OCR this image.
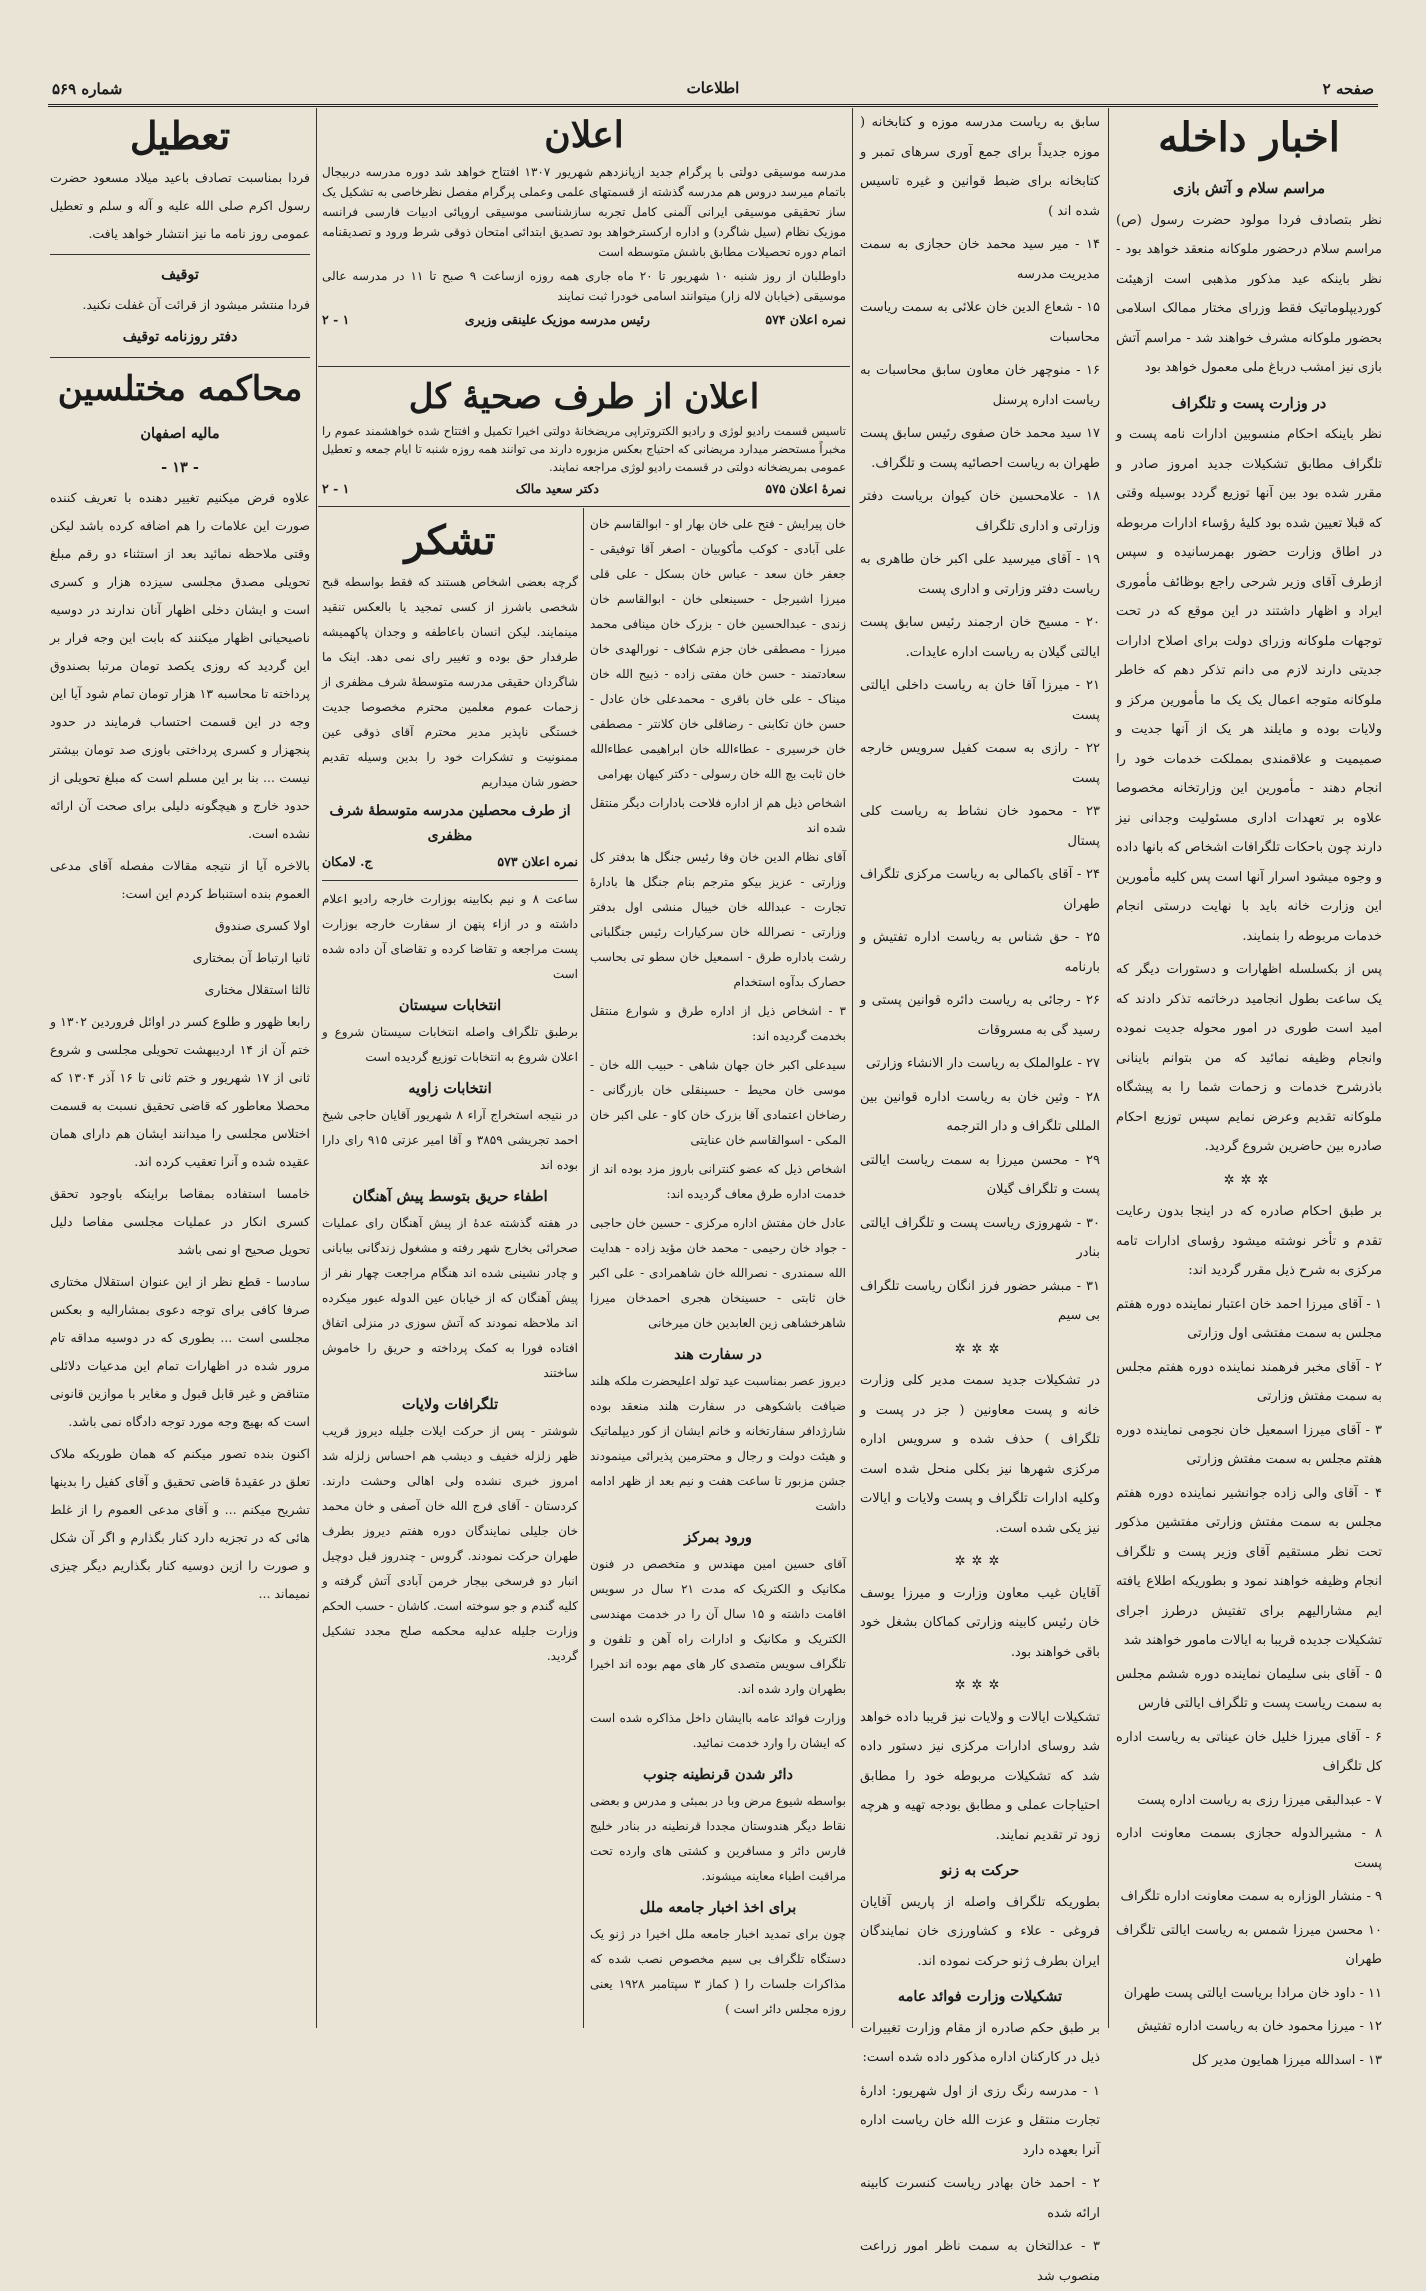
صفحه ۲
اطلاعات
شماره ۵۶۹
اخبار داخله
مراسم سلام و آتش بازی

نظر بتصادف فردا مولود حضرت رسول (ص) مراسم سلام درحضور ملوکانه منعقد خواهد بود - نظر باینکه عید مذکور مذهبی است ازهیئت کوردیپلوماتیک فقط وزرای مختار ممالک اسلامی بحضور ملوکانه مشرف خواهند شد - مراسم آتش بازی نیز امشب درباغ ملی معمول خواهد بود

در وزارت پست و تلگراف

نظر باینکه احکام منسوبین ادارات نامه پست و تلگراف مطابق تشکیلات جدید امروز صادر و مقرر شده بود بین آنها توزیع گردد بوسیله وقتی که قبلا تعیین شده بود کلیهٔ رؤساء ادارات مربوطه در اطاق وزارت حضور بهمرسانیده و سپس ازطرف آقای وزیر شرحی راجع بوظائف مأموری ایراد و اظهار داشتند در این موقع که در تحت توجهات ملوکانه وزرای دولت برای اصلاح ادارات جدیتی دارند لازم می دانم تذکر دهم که خاطر ملوکانه متوجه اعمال یک یک ما مأمورین مرکز و ولایات بوده و مایلند هر یک از آنها جدیت و صمیمیت و علاقمندی بمملکت خدمات خود را انجام دهند - مأمورین این وزارتخانه مخصوصا علاوه بر تعهدات اداری مسئولیت وجدانی نیز دارند چون باحکات تلگرافات اشخاص که بانها داده و وجوه میشود اسرار آنها است پس کلیه مأمورین این وزارت خانه باید با نهایت درستی انجام خدمات مربوطه را بنمایند.

پس از بکسلسله اظهارات و دستورات دیگر که یک ساعت بطول انجامید درخاتمه تذکر دادند که امید است طوری در امور محوله جدیت نموده وانجام وظیفه نمائید که من بتوانم باینانی باذرشرح خدمات و زحمات شما را به پیشگاه ملوکانه تقدیم وعرض نمایم سپس توزیع احکام صادره بین حاضرین شروع گردید.

✲✲✲

بر طبق احکام صادره که در اینجا بدون رعایت تقدم و تأخر نوشته میشود رؤسای ادارات تامه مرکزی به شرح ذیل مقرر گردید اند:

۱ - آقای میرزا احمد خان اعتبار نماینده دوره هفتم مجلس به سمت مفتشی اول وزارتی

۲ - آقای مخبر فرهمند نماینده دوره هفتم مجلس به سمت مفتش وزارتی

۳ - آقای میرزا اسمعیل خان نجومی نماینده دوره هفتم مجلس به سمت مفتش وزارتی

۴ - آقای والی زاده جوانشیر نماینده دوره هفتم مجلس به سمت مفتش وزارتی مفتشین مذکور تحت نظر مستقیم آقای وزیر پست و تلگراف انجام وظیفه خواهند نمود و بطوریکه اطلاع یافته ایم مشارالیهم برای تفتیش درطرز اجرای تشکیلات جدیده قریبا به ایالات مامور خواهند شد

۵ - آقای بنی سلیمان نماینده دوره ششم مجلس به سمت ریاست پست و تلگراف ایالتی فارس

۶ - آقای میرزا خلیل خان عیناتی به ریاست اداره کل تلگراف

۷ - عبدالبقی میرزا رزی به ریاست اداره پست

۸ - مشیرالدوله حجازی بسمت معاونت اداره پست

۹ - منشار الوزاره به سمت معاونت اداره تلگراف

۱۰ محسن میرزا شمس به ریاست ایالتی تلگراف طهران

۱۱ - داود خان مرادا بریاست ایالتی پست طهران

۱۲ - میرزا محمود خان به ریاست اداره تفتیش

۱۳ - اسدالله میرزا همایون مدیر کل

سابق به ریاست مدرسه موزه و کتابخانه ( موزه جدیداً برای جمع آوری سرهای تمبر و کتابخانه برای ضبط قوانین و غیره تاسیس شده اند )

۱۴ - میر سید محمد خان حجازی به سمت مدیریت مدرسه

۱۵ - شعاع الدین خان علائی به سمت ریاست محاسبات

۱۶ - منوچهر خان معاون سابق محاسبات به ریاست اداره پرسنل

۱۷ سید محمد خان صفوی رئیس سابق پست طهران به ریاست احصائیه پست و تلگراف.

۱۸ - علامحسین خان کیوان بریاست دفتر وزارتی و اداری تلگراف

۱۹ - آقای میرسید علی اکبر خان طاهری به ریاست دفتر وزارتی و اداری پست

۲۰ - مسیح خان ارجمند رئیس سابق پست ایالتی گیلان به ریاست اداره عایدات.

۲۱ - میرزا آقا خان به ریاست داخلی ایالتی پست

۲۲ - رازی به سمت کفیل سرویس خارجه پست

۲۳ - محمود خان نشاط به ریاست کلی پستال

۲۴ - آقای باکمالی به ریاست مرکزی تلگراف طهران

۲۵ - حق شناس به ریاست اداره تفتیش و بارنامه

۲۶ - رجائی به ریاست دائره قوانین پستی و رسید گی به مسروقات

۲۷ - علوالملک به ریاست دار الانشاء وزارتی

۲۸ - وثین خان به ریاست اداره قوانین بین المللی تلگراف و دار الترجمه

۲۹ - محسن میرزا به سمت ریاست ایالتی پست و تلگراف گیلان

۳۰ - شهروزی ریاست پست و تلگراف ایالتی بنادر

۳۱ - مبشر حضور فرز انگان ریاست تلگراف بی سیم

✲✲✲

در تشکیلات جدید سمت مدیر کلی وزارت خانه و پست معاونین ( جز در پست و تلگراف ) حذف شده و سرویس اداره مرکزی شهرها نیز بکلی منحل شده است وکلیه ادارات تلگراف و پست ولایات و ایالات نیز یکی شده است.

✲✲✲

آقایان غیب معاون وزارت و میرزا یوسف خان رئیس کابینه وزارتی کماکان بشغل خود باقی خواهند بود.

✲✲✲

تشکیلات ایالات و ولایات نیز قریبا داده خواهد شد روسای ادارات مرکزی نیز دستور داده شد که تشکیلات مربوطه خود را مطابق احتیاجات عملی و مطابق بودجه تهیه و هرچه زود تر تقدیم نمایند.

حرکت به زنو

بطوریکه تلگراف واصله از پاریس آقایان فروغی - علاء و کشاورزی خان نمایندگان ایران بطرف ژنو حرکت نموده اند.

تشکیلات وزارت فوائد عامه

بر طبق حکم صادره از مقام وزارت تغییرات ذیل در کارکنان اداره مذکور داده شده است:

۱ - مدرسه رنگ رزی از اول شهریور: ادارهٔ تجارت منتقل و عزت الله خان ریاست اداره آنرا بعهده دارد

۲ - احمد خان بهادر ریاست کنسرت کابینه ارائه شده

۳ - عدالتخان به سمت ناظر امور زراعت منصوب شد

اعلان

مدرسه موسیقی دولتی با پرگرام جدید ازپانزدهم شهریور ۱۳۰۷ افتتاح خواهد شد دوره مدرسه دربیجال باتمام میرسد دروس هم مدرسه گذشته از قسمتهای علمی وعملی پرگرام مفصل نظرخاصی به تشکیل یک ساز تحقیقی موسیقی ایرانی آلمنی کامل تجربه سازشناسی موسیقی اروپائی ادبیات فارسی فرانسه موزیک نظام (سیل شاگرد) و اداره ارکسترخواهد بود تصدیق ابتدائی امتحان ذوقی شرط ورود و تصدیقنامه اتمام دوره تحصیلات مطابق باشش متوسطه است

داوطلبان از روز شنبه ۱۰ شهریور تا ۲۰ ماه جاری همه روزه ازساعت ۹ صبح تا ۱۱ در مدرسه عالی موسیقی (خیابان لاله زار) میتوانند اسامی خودرا ثبت نمایند

نمره اعلان ۵۷۴
رئیس مدرسه موزیک علینقی وزیری
۱ - ۲
اعلان از طرف صحیهٔ کل

تاسیس قسمت رادیو لوژی و رادیو الکتروتراپی مریضخانهٔ دولتی اخیرا تکمیل و افتتاح شده خواهشمند عموم را مخبراً مستحضر میدارد مریضانی که احتیاج بعکس مزبوره دارند می توانند همه روزه شنبه تا ایام جمعه و تعطیل عمومی بمریضخانه دولتی در قسمت رادیو لوژی مراجعه نمایند.

نمرهٔ اعلان ۵۷۵
دکتر سعید مالک
۱ - ۲

خان پیرایش - فتح علی خان بهار او - ابوالقاسم خان علی آبادی - کوکب مأکوبیان - اصغر آقا توفیقی - جعفر خان سعد - عباس خان بسکل - علی قلی میرزا اشیرجل - حسینعلی خان - ابوالقاسم خان زندی - عبدالحسین خان - بزرک خان مینافی محمد میرزا - مصطفی خان جزم شکاف - نورالهدی خان سعادتمند - حسن خان مفتی زاده - ذبیح الله خان میناک - علی خان باقری - محمدعلی خان عادل - حسن خان تکابنی - رضاقلی خان کلانتر - مصطفی خان خرسیری - عطاءالله خان ابراهیمی عطاءالله خان ثابت بچ الله خان رسولی - دکتر کیهان بهرامی

اشخاص ذیل هم از اداره فلاحت بادارات دیگر منتقل شده اند

آقای نظام الدین خان وفا رئیس جنگل ها بدفتر کل وزارتی - عزیز بیکو مترجم بنام جنگل ها بادارهٔ تجارت - عبدالله خان خیبال منشی اول بدفتر وزارتی - نصرالله خان سرکیارات رئیس جنگلبانی رشت باداره طرق - اسمعیل خان سطو تی بحاسب حصارک بدآوه استخدام

۳ - اشخاص ذیل از اداره طرق و شوارع منتقل بخدمت گردیده اند:

سیدعلی اکبر خان جهان شاهی - حبیب الله خان - موسی خان محیط - حسینقلی خان بازرگانی - رضاخان اعتمادی آقا بزرک خان کاو - علی اکبر خان المکی - اسوالقاسم خان عنایتی

اشخاص ذیل که عضو کنترانی باروز مزد بوده اند از خدمت اداره طرق معاف گردیده اند:

عادل خان مفتش اداره مرکزی - حسین خان حاجبی - جواد خان رحیمی - محمد خان مؤید زاده - هدایت الله سمندری - نصرالله خان شاهمرادی - علی اکبر خان ثابتی - حسینخان هجری احمدخان میرزا شاهرخشاهی زین العابدین خان میرخانی

در سفارت هند

دیروز عصر بمناسبت عید تولد اعلیحضرت ملکه هلند ضیافت باشکوهی در سفارت هلند منعقد بوده شارژدافر سفارتخانه و خانم ایشان از کور دیپلماتیک و هیئت دولت و رجال و محترمین پذیرائی مینمودند جشن مزبور تا ساعت هفت و نیم بعد از ظهر ادامه داشت

ورود بمرکز

آقای حسین امین مهندس و متخصص در فنون مکانیک و الکتریک که مدت ۲۱ سال در سویس اقامت داشته و ۱۵ سال آن را در خدمت مهندسی الکتریک و مکانیک و ادارات راه آهن و تلفون و تلگراف سویس متصدی کار های مهم بوده اند اخیرا بطهران وارد شده اند.

وزارت فوائد عامه باایشان داخل مذاکره شده است که ایشان را وارد خدمت نمائید.

دائر شدن قرنطینه جنوب

بواسطه شیوع مرض وبا در بمبئی و مدرس و بعضی نقاط دیگر هندوستان مجددا قرنطینه در بنادر خلیج فارس دائر و مسافرین و کشتی های وارده تحت مراقبت اطباء معاینه میشوند.

برای اخذ اخبار جامعه ملل

چون برای تمدید اخبار جامعه ملل اخیرا در ژنو یک دستگاه تلگراف بی سیم مخصوص نصب شده که مذاکرات جلسات را ( کماز ۳ سپتامبر ۱۹۲۸ یعنی روزه مجلس دائر است )

تشکر

گرچه بعضی اشخاص هستند که فقط بواسطه قبح شخصی باشرز از کسی تمجید یا بالعکس تنقید مینمایند. لیکن انسان باعاطفه و وجدان پاکهمیشه طرفدار حق بوده و تغییر رای نمی دهد. اینک ما شاگردان حقیقی مدرسه متوسطهٔ شرف مظفری از زحمات عموم معلمین محترم مخصوصا جدیت خستگی ناپذیر مدیر محترم آقای ذوقی عین ممنونیت و تشکرات خود را بدین وسیله تقدیم حضور شان میداریم

از طرف محصلین مدرسه متوسطهٔ شرف مظفری
نمره اعلان ۵۷۳
ج. لامکان

ساعت ۸ و نیم بکابینه بوزارت خارجه رادیو اعلام داشته و در ازاء پنهن از سفارت خارجه بوزارت پست مراجعه و تقاضا کرده و تقاضای آن داده شده است

انتخابات سیستان

برطبق تلگراف واصله انتخابات سیستان شروع و اعلان شروع به انتخابات توزیع گردیده است

انتخابات زاویه

در نتیجه استخراج آراء ۸ شهریور آقایان حاجی شیخ احمد تجریشی ۳۸۵۹ و آقا امیر عزتی ۹۱۵ رای دارا بوده اند

اطفاء حریق بتوسط پیش آهنگان

در هفته گذشته عدهٔ از پیش آهنگان رای عملیات صحرائی بخارج شهر رفته و مشغول زندگانی بیابانی و چادر نشینی شده اند هنگام مراجعت چهار نفر از پیش آهنگان که از خیابان عین الدوله عبور میکرده اند ملاحظه نمودند که آتش سوزی در منزلی اتفاق افتاده فورا به کمک پرداخته و حریق را خاموش ساختند

تلگرافات ولایات

شوشتر - پس از حرکت ایلات جلیله دیروز قریب ظهر زلزله خفیف و دیشب هم احساس زلزله شد امروز خبری نشده ولی اهالی وحشت دارند. کردستان - آقای فرج الله خان آصفی و خان محمد خان جلیلی نمایندگان دوره هفتم دیروز بطرف طهران حرکت نمودند. گروس - چندروز قبل دوچیل انبار دو فرسخی بیجار خرمن آبادی آتش گرفته و کلیه گندم و جو سوخته است. کاشان - حسب الحکم وزارت جلیله عدلیه محکمه صلح مجدد تشکیل گردید.

تعطیل

فردا بمناسبت تصادف باعید میلاد مسعود حضرت رسول اکرم صلی الله علیه و آله و سلم و تعطیل عمومی روز نامه ما نیز انتشار خواهد یافت.

توقیف

فردا منتشر میشود از قرائت آن غفلت نکنید.

دفتر روزنامه توقیف
محاکمه مختلسین
مالیه اصفهان
- ۱۳ -

علاوه فرض میکنیم تغییر دهنده با تعریف کننده صورت این علامات را هم اضافه کرده باشد لیکن وقتی ملاحظه نمائید بعد از استثناء دو رقم مبلغ تحویلی مصدق مجلسی سیزده هزار و کسری است و ایشان دخلی اظهار آنان ندارند در دوسیه ناصیحیانی اظهار میکنند که بابت این وجه فرار بر این گردید که روزی یکصد تومان مرتبا بصندوق پرداخته تا محاسبه ۱۳ هزار تومان تمام شود آیا این وجه در این قسمت احتساب فرمایند در حدود پنجهزار و کسری پرداختی باوزی صد تومان بیشتر نیست ... بنا بر این مسلم است که مبلغ تحویلی از حدود خارج و هیچگونه دلیلی برای صحت آن ارائه نشده است.

بالاخره آیا از نتیجه مقالات مفصله آقای مدعی العموم بنده استنباط کردم این است:

اولا کسری صندوق

ثانیا ارتباط آن بمختاری

ثالثا استقلال مختاری

رابعا ظهور و طلوع کسر در اوائل فروردین ۱۳۰۲ و ختم آن از ۱۴ اردیبهشت تحویلی مجلسی و شروع ثانی از ۱۷ شهریور و ختم ثانی تا ۱۶ آذر ۱۳۰۴ که محصلا معاطور که قاضی تحقیق نسبت به قسمت اختلاس مجلسی را میدانند ایشان هم دارای همان عقیده شده و آنرا تعقیب کرده اند.

خامسا استفاده بمقاصا براینکه باوجود تحقق کسری انکار در عملیات مجلسی مفاصا دلیل تحویل صحیح او نمی باشد

سادسا - قطع نظر از این عنوان استقلال مختاری صرفا کافی برای توجه دعوی بمشارالیه و بعکس مجلسی است ... بطوری که در دوسیه مداقه تام مرور شده در اظهارات تمام این مدعیات دلائلی متناقض و غیر قابل قبول و مغایر با موازین قانونی است که بهیچ وجه مورد توجه دادگاه نمی باشد.

اکنون بنده تصور میکنم که همان طوریکه ملاک تعلق در عقیدهٔ قاضی تحقیق و آقای کفیل را بدینها تشریح میکنم ... و آقای مدعی العموم را از غلط هائی که در تجزیه دارد کنار بگذارم و اگر آن شکل و صورت را ازین دوسیه کنار بگذاریم دیگر چیزی نمیماند ...
